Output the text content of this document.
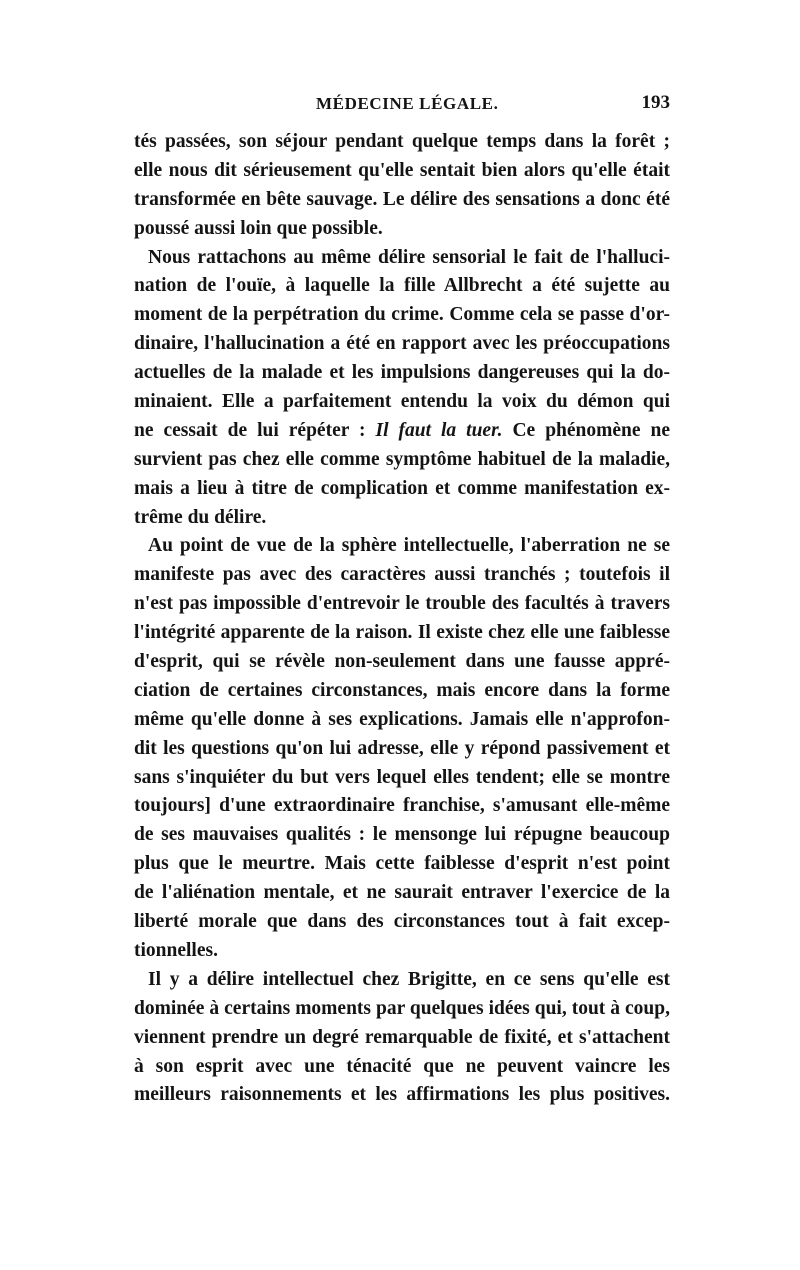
MÉDECINE LÉGALE.	193
tés passées, son séjour pendant quelque temps dans la forêt ;
elle nous dit sérieusement qu'elle sentait bien alors qu'elle était
transformée en bête sauvage. Le délire des sensations a donc été
poussé aussi loin que possible.
Nous rattachons au même délire sensorial le fait de l'halluci-
nation de l'ouïe, à laquelle la fille Allbrecht a été sujette au
moment de la perpétration du crime. Comme cela se passe d'or-
dinaire, l'hallucination a été en rapport avec les préoccupations
actuelles de la malade et les impulsions dangereuses qui la do-
minaient. Elle a parfaitement entendu la voix du démon qui
ne cessait de lui répéter : Il faut la tuer. Ce phénomène ne
survient pas chez elle comme symptôme habituel de la maladie,
mais a lieu à titre de complication et comme manifestation ex-
trême du délire.
Au point de vue de la sphère intellectuelle, l'aberration ne se
manifeste pas avec des caractères aussi tranchés ; toutefois il
n'est pas impossible d'entrevoir le trouble des facultés à travers
l'intégrité apparente de la raison. Il existe chez elle une faiblesse
d'esprit, qui se révèle non-seulement dans une fausse appré-
ciation de certaines circonstances, mais encore dans la forme
même qu'elle donne à ses explications. Jamais elle n'approfon-
dit les questions qu'on lui adresse, elle y répond passivement et
sans s'inquiéter du but vers lequel elles tendent; elle se montre
toujours] d'une extraordinaire franchise, s'amusant elle-même
de ses mauvaises qualités : le mensonge lui répugne beaucoup
plus que le meurtre. Mais cette faiblesse d'esprit n'est point
de l'aliénation mentale, et ne saurait entraver l'exercice de la
liberté morale que dans des circonstances tout à fait excep-
tionnelles.
Il y a délire intellectuel chez Brigitte, en ce sens qu'elle est
dominée à certains moments par quelques idées qui, tout à coup,
viennent prendre un degré remarquable de fixité, et s'attachent
à son esprit avec une ténacité que ne peuvent vaincre les
meilleurs raisonnements et les affirmations les plus positives.
